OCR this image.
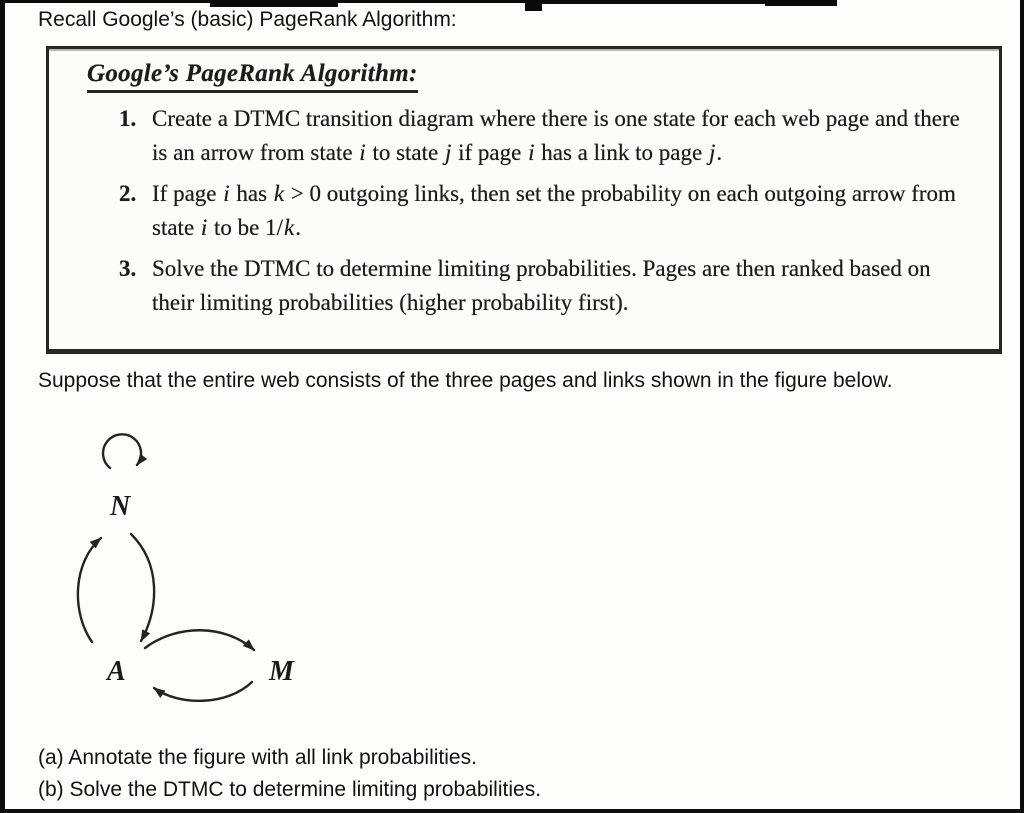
Recall Google’s (basic) PageRank Algorithm:

Google’s PageRank Algorithm:
1. Create a DTMC transition diagram where there is one state for each web page and there is an arrow from state i to state j if page i has a link to page j.
2. If page i has k > 0 outgoing links, then set the probability on each outgoing arrow from state i to be 1/k.
3. Solve the DTMC to determine limiting probabilities. Pages are then ranked based on their limiting probabilities (higher probability first).

Suppose that the entire web consists of the three pages and links shown in the figure below.

N
A	M

(a) Annotate the figure with all link probabilities.

(b) Solve the DTMC to determine limiting probabilities.
